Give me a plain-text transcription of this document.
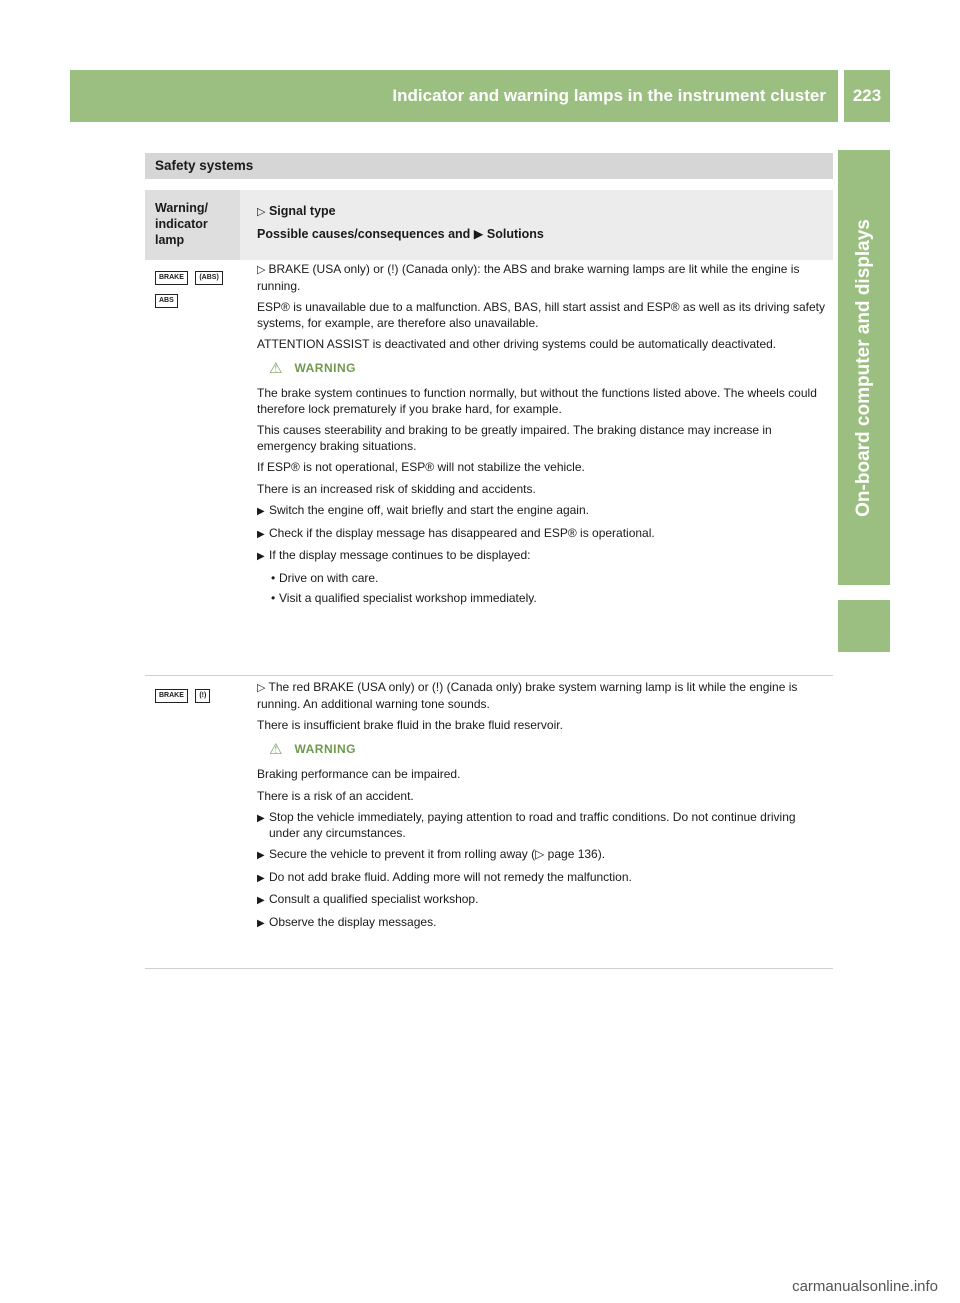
Indicator and warning lamps in the instrument cluster	223
On-board computer and displays
Safety systems
Warning/ indicator lamp
▷ Signal type
Possible causes/consequences and ▶ Solutions
BRAKE (ABS)
ABS

▷ BRAKE (USA only) or (!) (Canada only): the ABS and brake warning lamps are lit while the engine is running.

ESP® is unavailable due to a malfunction. ABS, BAS, hill start assist and ESP® as well as its driving safety systems, for example, are therefore also unavailable.

ATTENTION ASSIST is deactivated and other driving systems could be automatically deactivated.

⚠ WARNING

The brake system continues to function normally, but without the functions listed above. The wheels could therefore lock prematurely if you brake hard, for example.

This causes steerability and braking to be greatly impaired. The braking distance may increase in emergency braking situations.

If ESP® is not operational, ESP® will not stabilize the vehicle.

There is an increased risk of skidding and accidents.

▶ Switch the engine off, wait briefly and start the engine again.
▶ Check if the display message has disappeared and ESP® is operational.
▶ If the display message continues to be displayed:
• Drive on with care.
• Visit a qualified specialist workshop immediately.
BRAKE (!)

▷ The red BRAKE (USA only) or (!) (Canada only) brake system warning lamp is lit while the engine is running. An additional warning tone sounds.

There is insufficient brake fluid in the brake fluid reservoir.

⚠ WARNING

Braking performance can be impaired.

There is a risk of an accident.

▶ Stop the vehicle immediately, paying attention to road and traffic conditions. Do not continue driving under any circumstances.
▶ Secure the vehicle to prevent it from rolling away (▷ page 136).
▶ Do not add brake fluid. Adding more will not remedy the malfunction.
▶ Consult a qualified specialist workshop.
▶ Observe the display messages.
carmanualsonline.info
